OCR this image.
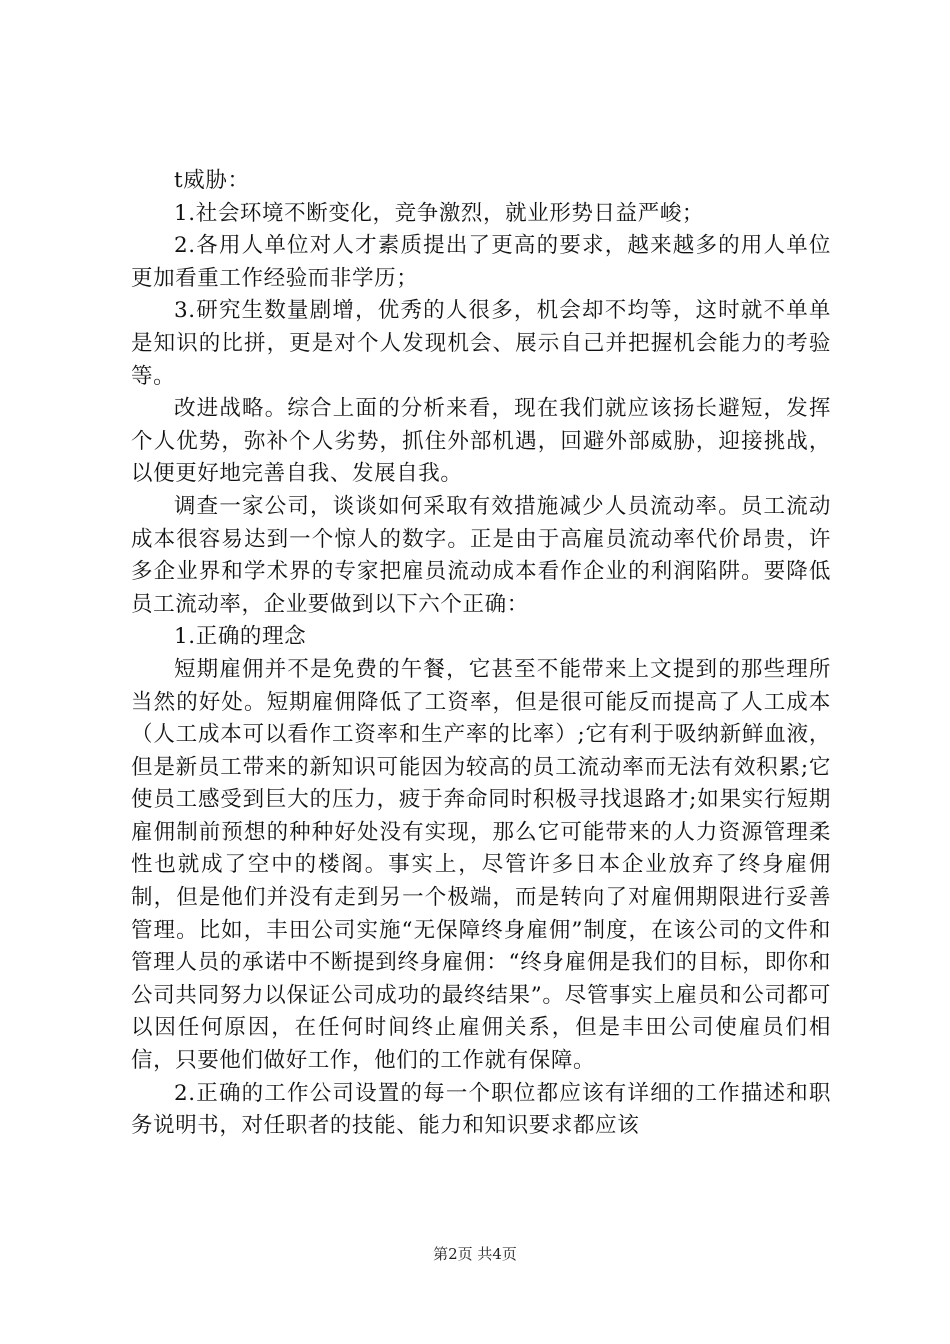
t威胁：

1.社会环境不断变化，竞争激烈，就业形势日益严峻；

2.各用人单位对人才素质提出了更高的要求，越来越多的用人单位更加看重工作经验而非学历；

3.研究生数量剧增，优秀的人很多，机会却不均等，这时就不单单是知识的比拼，更是对个人发现机会、展示自己并把握机会能力的考验等。

改进战略。综合上面的分析来看，现在我们就应该扬长避短，发挥个人优势，弥补个人劣势，抓住外部机遇，回避外部威胁，迎接挑战，以便更好地完善自我、发展自我。

调查一家公司，谈谈如何采取有效措施减少人员流动率。员工流动成本很容易达到一个惊人的数字。正是由于高雇员流动率代价昂贵，许多企业界和学术界的专家把雇员流动成本看作企业的利润陷阱。要降低员工流动率，企业要做到以下六个正确：

1.正确的理念

短期雇佣并不是免费的午餐，它甚至不能带来上文提到的那些理所当然的好处。短期雇佣降低了工资率，但是很可能反而提高了人工成本（人工成本可以看作工资率和生产率的比率）;它有利于吸纳新鲜血液，但是新员工带来的新知识可能因为较高的员工流动率而无法有效积累;它使员工感受到巨大的压力，疲于奔命同时积极寻找退路才;如果实行短期雇佣制前预想的种种好处没有实现，那么它可能带来的人力资源管理柔性也就成了空中的楼阁。事实上，尽管许多日本企业放弃了终身雇佣制，但是他们并没有走到另一个极端，而是转向了对雇佣期限进行妥善管理。比如，丰田公司实施“无保障终身雇佣”制度，在该公司的文件和管理人员的承诺中不断提到终身雇佣：“终身雇佣是我们的目标，即你和公司共同努力以保证公司成功的最终结果”。尽管事实上雇员和公司都可以因任何原因，在任何时间终止雇佣关系，但是丰田公司使雇员们相信，只要他们做好工作，他们的工作就有保障。

2.正确的工作公司设置的每一个职位都应该有详细的工作描述和职务说明书，对任职者的技能、能力和知识要求都应该

第2页 共4页
